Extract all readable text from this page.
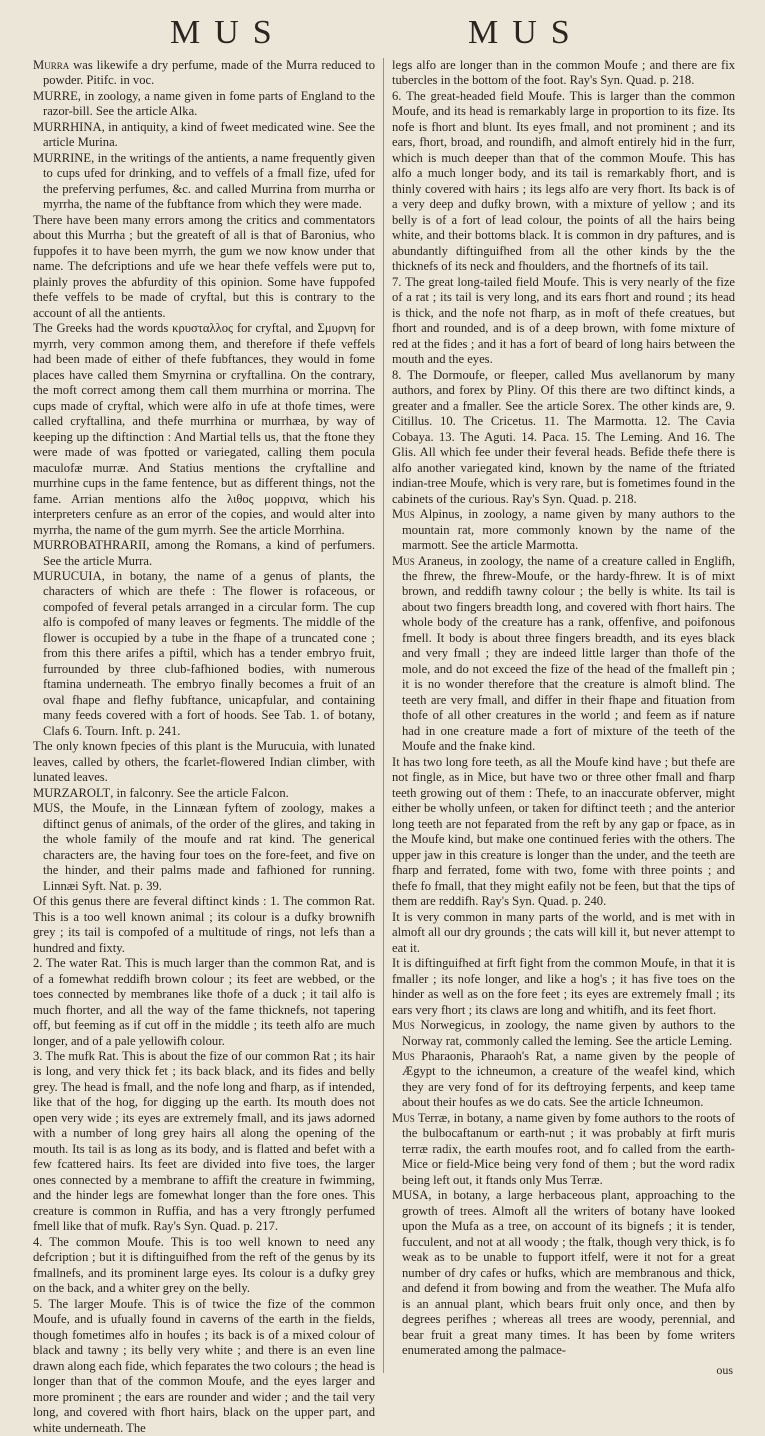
MUS	MUS

Murra was likewife a dry perfume, made of the Murra reduced to powder. Pitifc. in voc.

MURRE, in zoology, a name given in fome parts of England to the razor-bill. See the article Alka.

MURRHINA, in antiquity, a kind of fweet medicated wine. See the article Murina.

MURRINE, in the writings of the antients, a name frequently given to cups ufed for drinking, and to veffels of a fmall fize, ufed for the preferving perfumes, &c. and called Murrina from murrha or myrrha, the name of the fubftance from which they were made.

There have been many errors among the critics and commentators about this Murrha ; but the greateft of all is that of Baronius, who fuppofes it to have been myrrh, the gum we now know under that name. The defcriptions and ufe we hear thefe veffels were put to, plainly proves the abfurdity of this opinion. Some have fuppofed thefe veffels to be made of cryftal, but this is contrary to the account of all the antients.

The Greeks had the words κρυσταλλος for cryftal, and Σμυρνη for myrrh, very common among them, and therefore if thefe veffels had been made of either of thefe fubftances, they would in fome places have called them Smyrnina or cryftallina. On the contrary, the moft correct among them call them murrhina or morrina. The cups made of cryftal, which were alfo in ufe at thofe times, were called cryftallina, and thefe murrhina or murrhæa, by way of keeping up the diftinction : And Martial tells us, that the ftone they were made of was fpotted or variegated, calling them pocula maculofæ murræ. And Statius mentions the cryftalline and murrhine cups in the fame fentence, but as different things, not the fame. Arrian mentions alfo the λιθος μορρινα, which his interpreters cenfure as an error of the copies, and would alter into myrrha, the name of the gum myrrh. See the article Morrhina.

MURROBATHRARII, among the Romans, a kind of perfumers. See the article Murra.

MURUCUIA, in botany, the name of a genus of plants, the characters of which are thefe : The flower is rofaceous, or compofed of feveral petals arranged in a circular form. The cup alfo is compofed of many leaves or fegments. The middle of the flower is occupied by a tube in the fhape of a truncated cone ; from this there arifes a piftil, which has a tender embryo fruit, furrounded by three club-fafhioned bodies, with numerous ftamina underneath. The embryo finally becomes a fruit of an oval fhape and flefhy fubftance, unicapfular, and containing many feeds covered with a fort of hoods. See Tab. 1. of botany, Clafs 6. Tourn. Inft. p. 241.

The only known fpecies of this plant is the Murucuia, with lunated leaves, called by others, the fcarlet-flowered Indian climber, with lunated leaves.

MURZAROLT, in falconry. See the article Falcon.

MUS, the Moufe, in the Linnæan fyftem of zoology, makes a diftinct genus of animals, of the order of the glires, and taking in the whole family of the moufe and rat kind. The generical characters are, the having four toes on the fore-feet, and five on the hinder, and their palms made and fafhioned for running. Linnæi Syft. Nat. p. 39.

Of this genus there are feveral diftinct kinds : 1. The common Rat. This is a too well known animal ; its colour is a dufky brownifh grey ; its tail is compofed of a multitude of rings, not lefs than a hundred and fixty.

2. The water Rat. This is much larger than the common Rat, and is of a fomewhat reddifh brown colour ; its feet are webbed, or the toes connected by membranes like thofe of a duck ; it tail alfo is much fhorter, and all the way of the fame thicknefs, not tapering off, but feeming as if cut off in the middle ; its teeth alfo are much longer, and of a pale yellowifh colour.

3. The mufk Rat. This is about the fize of our common Rat ; its hair is long, and very thick fet ; its back black, and its fides and belly grey. The head is fmall, and the nofe long and fharp, as if intended, like that of the hog, for digging up the earth. Its mouth does not open very wide ; its eyes are extremely fmall, and its jaws adorned with a number of long grey hairs all along the opening of the mouth. Its tail is as long as its body, and is flatted and befet with a few fcattered hairs. Its feet are divided into five toes, the larger ones connected by a membrane to affift the creature in fwimming, and the hinder legs are fomewhat longer than the fore ones. This creature is common in Ruffia, and has a very ftrongly perfumed fmell like that of mufk. Ray's Syn. Quad. p. 217.

4. The common Moufe. This is too well known to need any defcription ; but it is diftinguifhed from the reft of the genus by its fmallnefs, and its prominent large eyes. Its colour is a dufky grey on the back, and a whiter grey on the belly.

5. The larger Moufe. This is of twice the fize of the common Moufe, and is ufually found in caverns of the earth in the fields, though fometimes alfo in houfes ; its back is of a mixed colour of black and tawny ; its belly very white ; and there is an even line drawn along each fide, which feparates the two colours ; the head is longer than that of the common Moufe, and the eyes larger and more prominent ; the ears are rounder and wider ; and the tail very long, and covered with fhort hairs, black on the upper part, and white underneath. The

legs alfo are longer than in the common Moufe ; and there are fix tubercles in the bottom of the foot. Ray's Syn. Quad. p. 218.

6. The great-headed field Moufe. This is larger than the common Moufe, and its head is remarkably large in proportion to its fize. Its nofe is fhort and blunt. Its eyes fmall, and not prominent ; and its ears, fhort, broad, and roundifh, and almoft entirely hid in the furr, which is much deeper than that of the common Moufe. This has alfo a much longer body, and its tail is remarkably fhort, and is thinly covered with hairs ; its legs alfo are very fhort. Its back is of a very deep and dufky brown, with a mixture of yellow ; and its belly is of a fort of lead colour, the points of all the hairs being white, and their bottoms black. It is common in dry paftures, and is abundantly diftinguifhed from all the other kinds by the the thicknefs of its neck and fhoulders, and the fhortnefs of its tail.

7. The great long-tailed field Moufe. This is very nearly of the fize of a rat ; its tail is very long, and its ears fhort and round ; its head is thick, and the nofe not fharp, as in moft of thefe creatues, but fhort and rounded, and is of a deep brown, with fome mixture of red at the fides ; and it has a fort of beard of long hairs between the mouth and the eyes.

8. The Dormoufe, or fleeper, called Mus avellanorum by many authors, and forex by Pliny. Of this there are two diftinct kinds, a greater and a fmaller. See the article Sorex. The other kinds are, 9. Citillus. 10. The Cricetus. 11. The Marmotta. 12. The Cavia Cobaya. 13. The Aguti. 14. Paca. 15. The Leming. And 16. The Glis. All which fee under their feveral heads. Befide thefe there is alfo another variegated kind, known by the name of the ftriated indian-tree Moufe, which is very rare, but is fometimes found in the cabinets of the curious. Ray's Syn. Quad. p. 218.

Mus Alpinus, in zoology, a name given by many authors to the mountain rat, more commonly known by the name of the marmott. See the article Marmotta.

Mus Araneus, in zoology, the name of a creature called in Englifh, the fhrew, the fhrew-Moufe, or the hardy-fhrew. It is of mixt brown, and reddifh tawny colour ; the belly is white. Its tail is about two fingers breadth long, and covered with fhort hairs. The whole body of the creature has a rank, offenfive, and poifonous fmell. It body is about three fingers breadth, and its eyes black and very fmall ; they are indeed little larger than thofe of the mole, and do not exceed the fize of the head of the fmalleft pin ; it is no wonder therefore that the creature is almoft blind. The teeth are very fmall, and differ in their fhape and fituation from thofe of all other creatures in the world ; and feem as if nature had in one creature made a fort of mixture of the teeth of the Moufe and the fnake kind.

It has two long fore teeth, as all the Moufe kind have ; but thefe are not fingle, as in Mice, but have two or three other fmall and fharp teeth growing out of them : Thefe, to an inaccurate obferver, might either be wholly unfeen, or taken for diftinct teeth ; and the anterior long teeth are not feparated from the reft by any gap or fpace, as in the Moufe kind, but make one continued feries with the others. The upper jaw in this creature is longer than the under, and the teeth are fharp and ferrated, fome with two, fome with three points ; and thefe fo fmall, that they might eafily not be feen, but that the tips of them are reddifh. Ray's Syn. Quad. p. 240.

It is very common in many parts of the world, and is met with in almoft all our dry grounds ; the cats will kill it, but never attempt to eat it.

It is diftinguifhed at firft fight from the common Moufe, in that it is fmaller ; its nofe longer, and like a hog's ; it has five toes on the hinder as well as on the fore feet ; its eyes are extremely fmall ; its ears very fhort ; its claws are long and whitifh, and its feet fhort.

Mus Norwegicus, in zoology, the name given by authors to the Norway rat, commonly called the leming. See the article Leming.

Mus Pharaonis, Pharaoh's Rat, a name given by the people of Ægypt to the ichneumon, a creature of the weafel kind, which they are very fond of for its deftroying ferpents, and keep tame about their houfes as we do cats. See the article Ichneumon.

Mus Terræ, in botany, a name given by fome authors to the roots of the bulbocaftanum or earth-nut ; it was probably at firft muris terræ radix, the earth moufes root, and fo called from the earth-Mice or field-Mice being very fond of them ; but the word radix being left out, it ftands only Mus Terræ.

MUSA, in botany, a large herbaceous plant, approaching to the growth of trees. Almoft all the writers of botany have looked upon the Mufa as a tree, on account of its bignefs ; it is tender, fucculent, and not at all woody ; the ftalk, though very thick, is fo weak as to be unable to fupport itfelf, were it not for a great number of dry cafes or hufks, which are membranous and thick, and defend it from bowing and from the weather. The Mufa alfo is an annual plant, which bears fruit only once, and then by degrees perifhes ; whereas all trees are woody, perennial, and bear fruit a great many times. It has been by fome writers enumerated among the palmace-

ous
